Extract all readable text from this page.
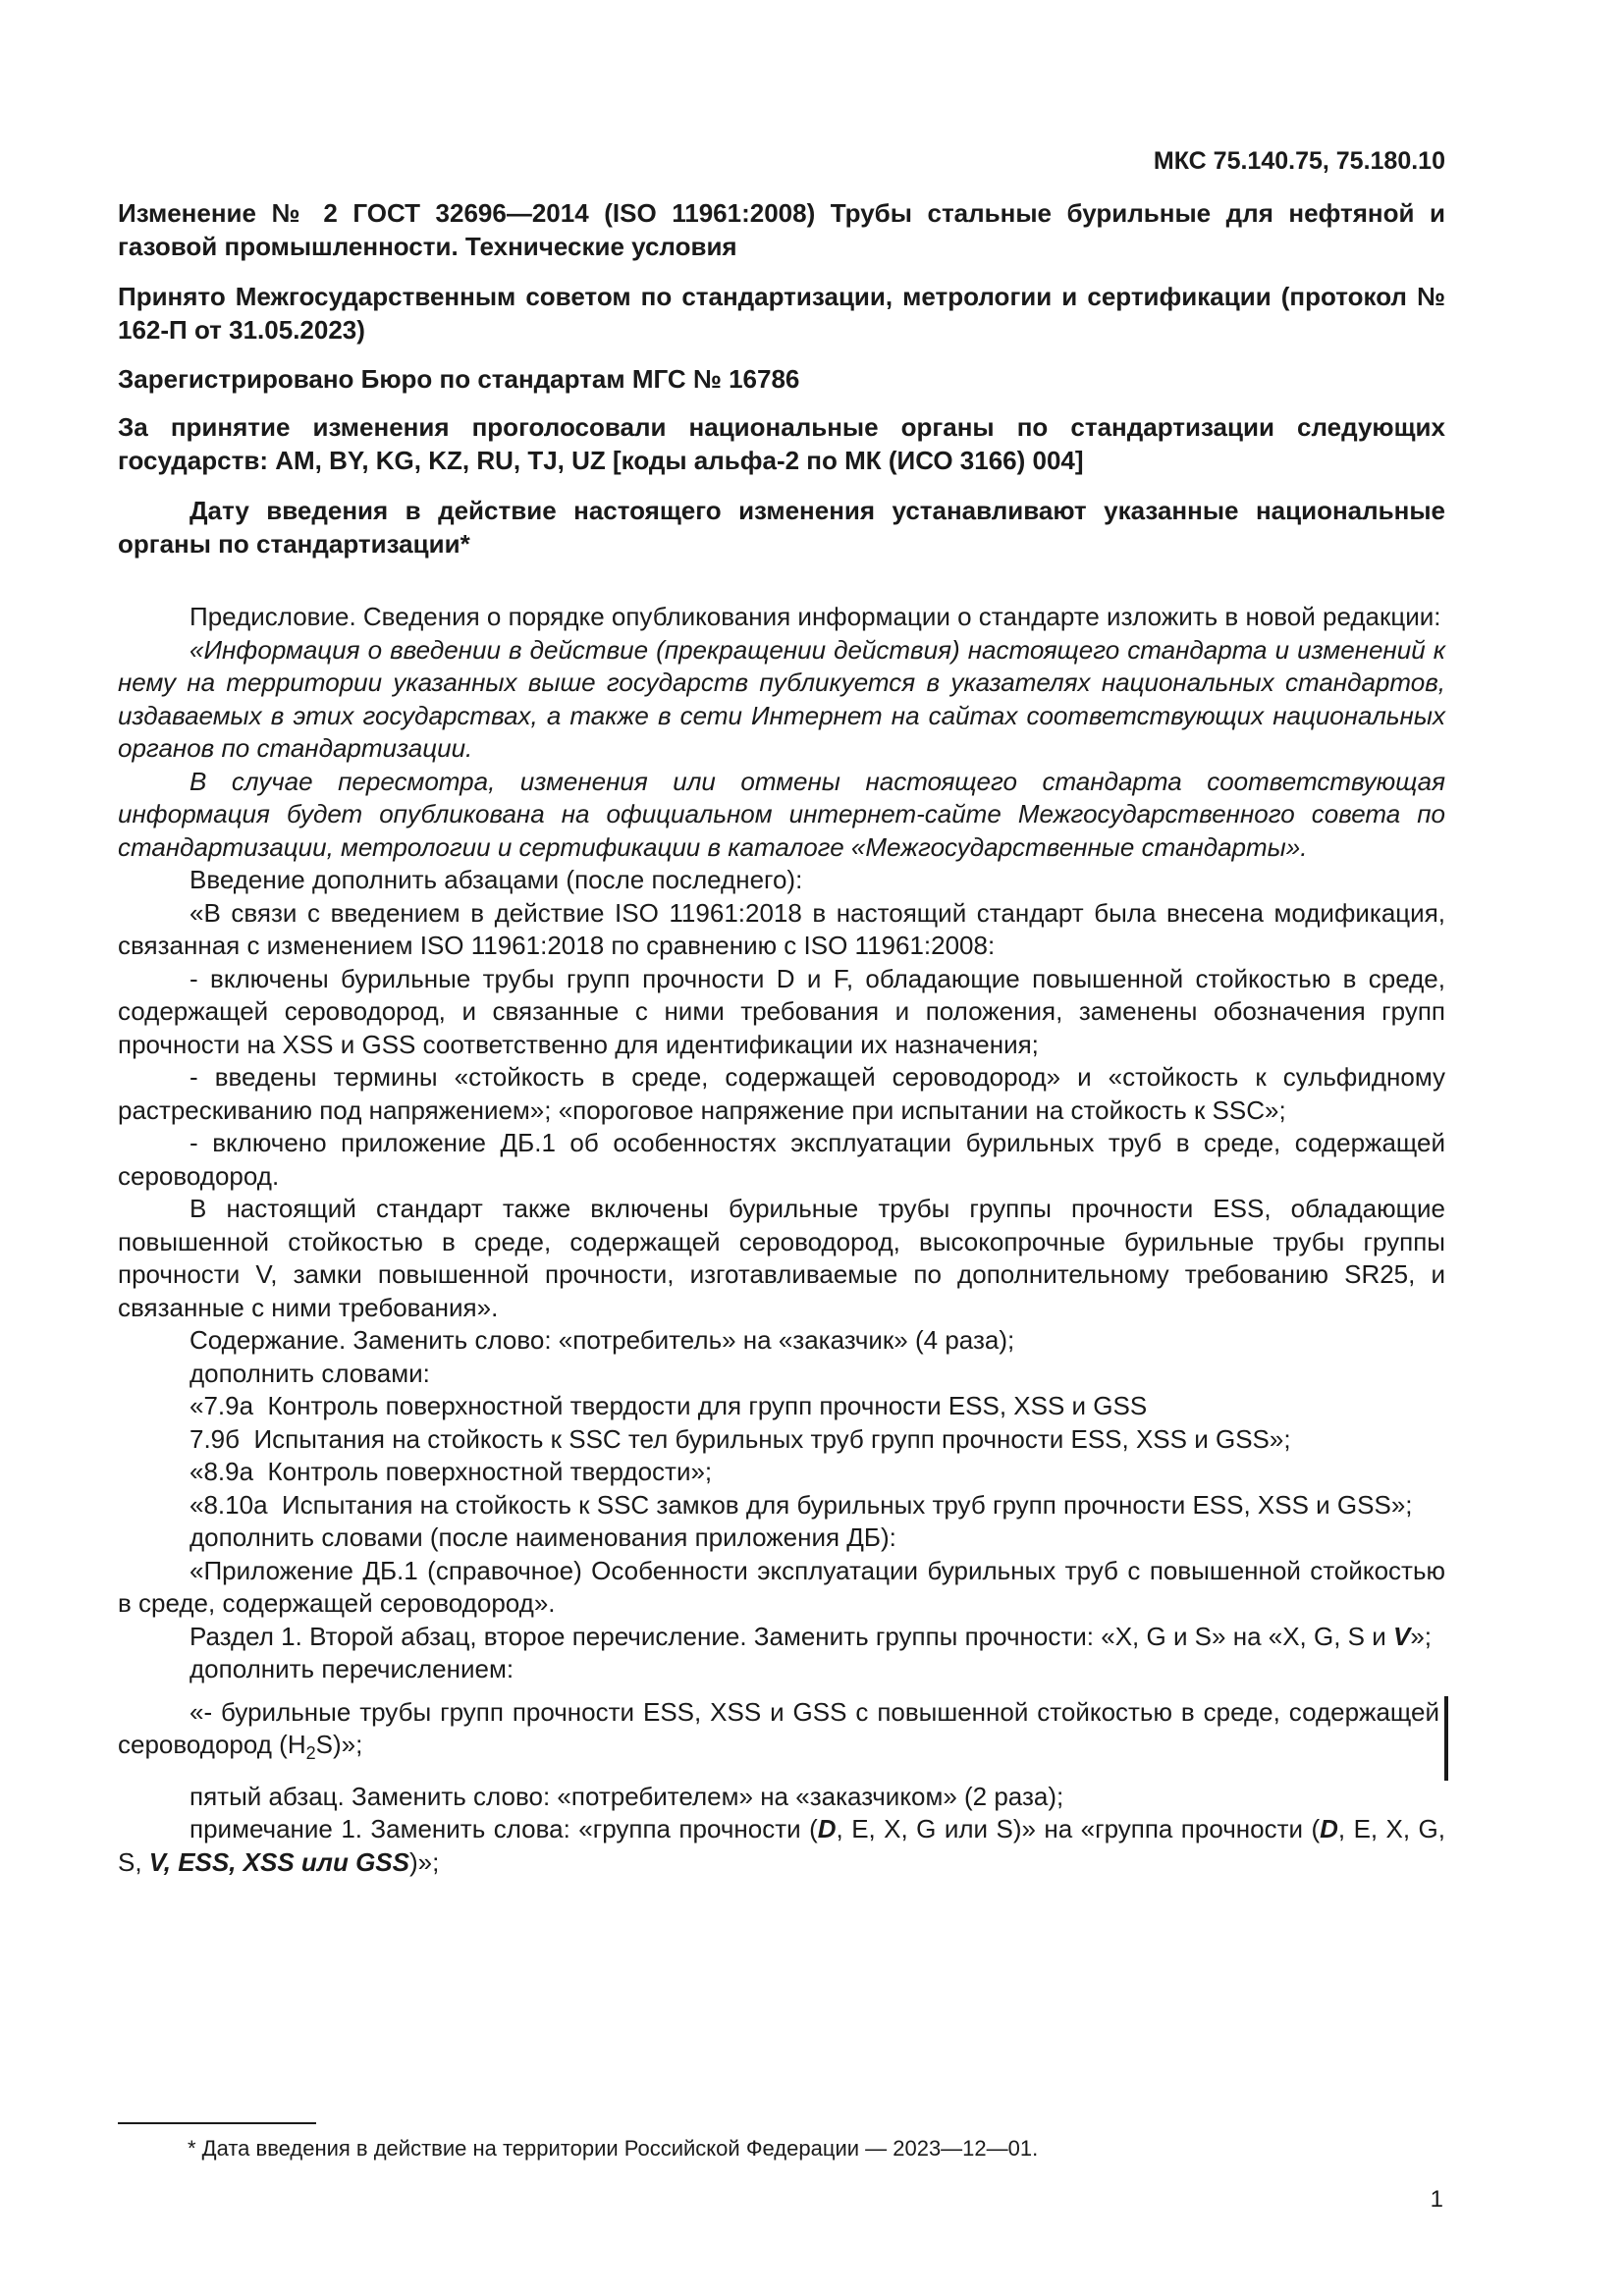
МКС 75.140.75, 75.180.10

Изменение № 2 ГОСТ 32696—2014 (ISO 11961:2008) Трубы стальные бурильные для нефтяной и газовой промышленности. Технические условия

Принято Межгосударственным советом по стандартизации, метрологии и сертификации (протокол № 162-П от 31.05.2023)

Зарегистрировано Бюро по стандартам МГС № 16786

За принятие изменения проголосовали национальные органы по стандартизации следующих государств: AM, BY, KG, KZ, RU, TJ, UZ [коды альфа-2 по МК (ИСО 3166) 004]

Дату введения в действие настоящего изменения устанавливают указанные национальные органы по стандартизации*

Предисловие. Сведения о порядке опубликования информации о стандарте изложить в новой редакции:

«Информация о введении в действие (прекращении действия) настоящего стандарта и изменений к нему на территории указанных выше государств публикуется в указателях национальных стандартов, издаваемых в этих государствах, а также в сети Интернет на сайтах соответствующих национальных органов по стандартизации.

В случае пересмотра, изменения или отмены настоящего стандарта соответствующая информация будет опубликована на официальном интернет-сайте Межгосударственного совета по стандартизации, метрологии и сертификации в каталоге «Межгосударственные стандарты».

Введение дополнить абзацами (после последнего):

«В связи с введением в действие ISO 11961:2018 в настоящий стандарт была внесена модификация, связанная с изменением ISO 11961:2018 по сравнению с ISO 11961:2008:

- включены бурильные трубы групп прочности D и F, обладающие повышенной стойкостью в среде, содержащей сероводород, и связанные с ними требования и положения, заменены обозначения групп прочности на XSS и GSS соответственно для идентификации их назначения;

- введены термины «стойкость в среде, содержащей сероводород» и «стойкость к сульфидному растрескиванию под напряжением»; «пороговое напряжение при испытании на стойкость к SSC»;

- включено приложение ДБ.1 об особенностях эксплуатации бурильных труб в среде, содержащей сероводород.

В настоящий стандарт также включены бурильные трубы группы прочности ESS, обладающие повышенной стойкостью в среде, содержащей сероводород, высокопрочные бурильные трубы группы прочности V, замки повышенной прочности, изготавливаемые по дополнительному требованию SR25, и связанные с ними требования».

Содержание. Заменить слово: «потребитель» на «заказчик» (4 раза);

дополнить словами:

«7.9а  Контроль поверхностной твердости для групп прочности ESS, XSS и GSS

7.9б  Испытания на стойкость к SSC тел бурильных труб групп прочности ESS, XSS и GSS»;

«8.9а  Контроль поверхностной твердости»;

«8.10а  Испытания на стойкость к SSC замков для бурильных труб групп прочности ESS, XSS и GSS»;

дополнить словами (после наименования приложения ДБ):

«Приложение ДБ.1 (справочное) Особенности эксплуатации бурильных труб с повышенной стойкостью в среде, содержащей сероводород».

Раздел 1. Второй абзац, второе перечисление. Заменить группы прочности: «X, G и S» на «X, G, S и V»;

дополнить перечислением:

«- бурильные трубы групп прочности ESS, XSS и GSS с повышенной стойкостью в среде, содержащей сероводород $(H_2S)$»;

пятый абзац. Заменить слово: «потребителем» на «заказчиком» (2 раза);

примечание 1. Заменить слова: «группа прочности (D, E, X, G или S)» на «группа прочности (D, E, X, G, S, V, ESS, XSS или GSS)»;

* Дата введения в действие на территории Российской Федерации — 2023—12—01.
1
